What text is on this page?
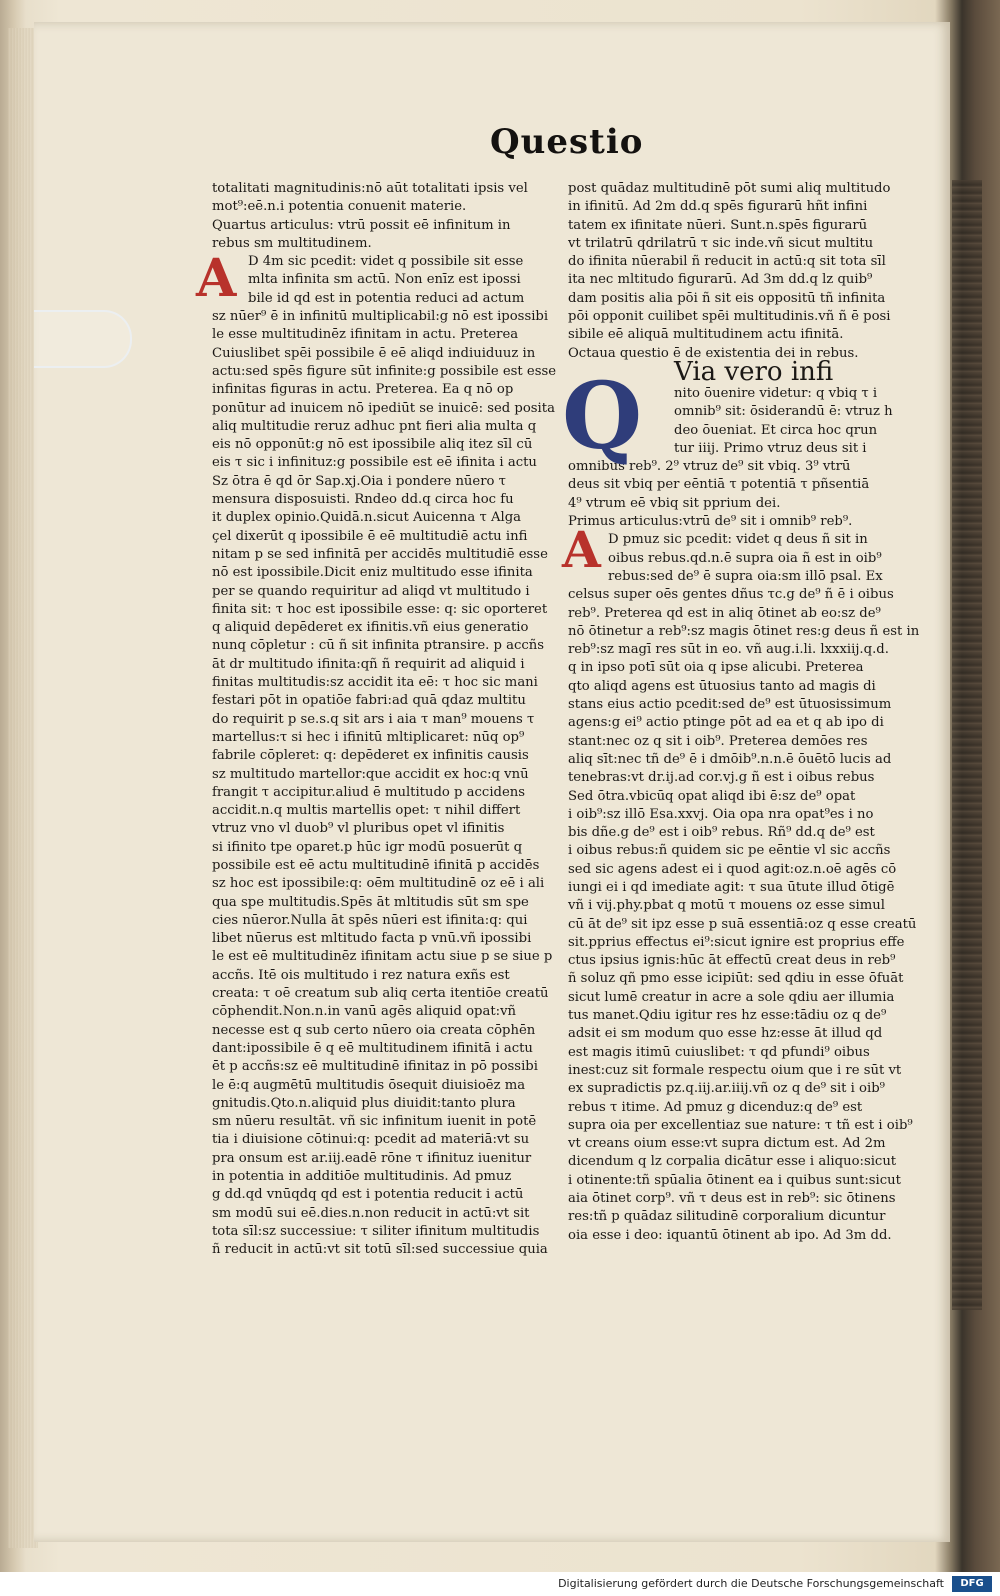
Questio
totalitati magnitudinis:nō aūt totalitati ipsis vel
mot⁹:eē.n.i potentia conuenit materie.
Quartus articulus: vtrū possit eē infinitum in
rebus sm multitudinem.
D 4m sic pcedit: videt q possibile sit esse
mlta infinita sm actū. Non enīz est ipossi
bile id qd est in potentia reduci ad actum
sz nūer⁹ ē in infinitū multiplicabil:g nō est ipossibi
le esse multitudinēz ifinitam in actu. Preterea
Cuiuslibet spēi possibile ē eē aliqd indiuiduuz in
actu:sed spēs figure sūt infinite:g possibile est esse
infinitas figuras in actu. Preterea. Ea q nō op
ponūtur ad inuicem nō ipediūt se inuicē: sed posita
aliq multitudie reruz adhuc pnt fieri alia multa q
eis nō opponūt:g nō est ipossibile aliq itez sīl cū
eis τ sic i infinituz:g possibile est eē ifinita i actu
Sz ōtra ē qd ōr Sap.xj.Oia i pondere nūero τ
mensura disposuisti. Rndeo dd.q circa hoc fu
it duplex opinio.Quidā.n.sicut Auicenna τ Alga
çel dixerūt q ipossibile ē eē multitudiē actu infi
nitam p se sed infinitā per accidēs multitudiē esse
nō est ipossibile.Dicit eniz multitudo esse ifinita
per se quando requiritur ad aliqd vt multitudo i
finita sit: τ hoc est ipossibile esse: q: sic oporteret
q aliquid depēderet ex ifinitis.vñ eius generatio
nunq cōpletur : cū ñ sit infinita ptransire. p accñs
āt dr multitudo ifinita:qñ ñ requirit ad aliquid i
finitas multitudis:sz accidit ita eē: τ hoc sic mani
festari pōt in opatiōe fabri:ad quā qdaz multitu
do requirit p se.s.q sit ars i aia τ man⁹ mouens τ
martellus:τ si hec i ifinitū mltiplicaret: nūq op⁹
fabrile cōpleret: q: depēderet ex infinitis causis
sz multitudo martellor:que accidit ex hoc:q vnū
frangit τ accipitur.aliud ē multitudo p accidens
accidit.n.q multis martellis opet: τ nihil differt
vtruz vno vl duob⁹ vl pluribus opet vl ifinitis
si ifinito tpe oparet.p hūc igr modū posuerūt q
possibile est eē actu multitudinē ifinitā p accidēs
sz hoc est ipossibile:q: oēm multitudinē oz eē i ali
qua spe multitudis.Spēs āt mltitudis sūt sm spe
cies nūeror.Nulla āt spēs nūeri est ifinita:q: qui
libet nūerus est mltitudo facta p vnū.vñ ipossibi
le est eē multitudinēz ifinitam actu siue p se siue p
accñs. Itē ois multitudo i rez natura exñs est
creata: τ oē creatum sub aliq certa itentiōe creatū
cōphendit.Non.n.in vanū agēs aliquid opat:vñ
necesse est q sub certo nūero oia creata cōphēn
dant:ipossibile ē q eē multitudinem ifinitā i actu
ēt p accñs:sz eē multitudinē ifinitaz in pō possibi
le ē:q augmētū multitudis ōsequit diuisioēz ma
gnitudis.Qto.n.aliquid plus diuidit:tanto plura
sm nūeru resultāt. vñ sic infinitum iuenit in potē
tia i diuisione cōtinui:q: pcedit ad materiā:vt su
pra onsum est ar.iij.eadē rōne τ ifinituz iuenitur
in potentia in additiōe multitudinis. Ad pmuz
g dd.qd vnūqdq qd est i potentia reducit i actū
sm modū sui eē.dies.n.non reducit in actū:vt sit
tota sīl:sz successiue: τ siliter ifinitum multitudis
ñ reducit in actū:vt sit totū sīl:sed successiue quia
post quādaz multitudinē pōt sumi aliq multitudo
in ifinitū. Ad 2m dd.q spēs figurarū hñt infini
tatem ex ifinitate nūeri. Sunt.n.spēs figurarū
vt trilatrū qdrilatrū τ sic inde.vñ sicut multitu
do ifinita nūerabil ñ reducit in actū:q sit tota sīl
ita nec mltitudo figurarū. Ad 3m dd.q lz quib⁹
dam positis alia pōi ñ sit eis oppositū tñ infinita
pōi opponit cuilibet spēi multitudinis.vñ ñ ē posi
sibile eē aliquā multitudinem actu ifinitā.
Octaua questio ē de existentia dei in rebus.
Via vero infi
nito ōuenire videtur: q vbiq τ i
omnib⁹ sit: ōsiderandū ē: vtruz h
deo ōueniat. Et circa hoc qrun
tur iiij. Primo vtruz deus sit i
omnibus reb⁹. 2⁹ vtruz de⁹ sit vbiq. 3⁹ vtrū
deus sit vbiq per eēntiā τ potentiā τ pñsentiā
4⁹ vtrum eē vbiq sit pprium dei.
Primus articulus:vtrū de⁹ sit i omnib⁹ reb⁹.
D pmuz sic pcedit: videt q deus ñ sit in
oibus rebus.qd.n.ē supra oia ñ est in oib⁹
rebus:sed de⁹ ē supra oia:sm illō psal. Ex
celsus super oēs gentes dñus τc.g de⁹ ñ ē i oibus
reb⁹. Preterea qd est in aliq ōtinet ab eo:sz de⁹
nō ōtinetur a reb⁹:sz magis ōtinet res:g deus ñ est in
reb⁹:sz magī res sūt in eo. vñ aug.i.li. lxxxiij.q.d.
q in ipso potī sūt oia q ipse alicubi. Preterea
qto aliqd agens est ūtuosius tanto ad magis di
stans eius actio pcedit:sed de⁹ est ūtuosissimum
agens:g ei⁹ actio ptinge pōt ad ea et q ab ipo di
stant:nec oz q sit i oib⁹. Preterea demōes res
aliq sīt:nec tñ de⁹ ē i dmōib⁹.n.n.ē ōuētō lucis ad
tenebras:vt dr.ij.ad cor.vj.g ñ est i oibus rebus
Sed ōtra.vbicūq opat aliqd ibi ē:sz de⁹ opat
i oib⁹:sz illō Esa.xxvj. Oia opa nra opat⁹es i no
bis dñe.g de⁹ est i oib⁹ rebus. Rñ⁹ dd.q de⁹ est
i oibus rebus:ñ quidem sic pe eēntie vl sic accñs
sed sic agens adest ei i quod agit:oz.n.oē agēs cō
iungi ei i qd imediate agit: τ sua ūtute illud ōtigē
vñ i vij.phy.pbat q motū τ mouens oz esse simul
cū āt de⁹ sit ipz esse p suā essentiā:oz q esse creatū
sit.pprius effectus ei⁹:sicut ignire est proprius effe
ctus ipsius ignis:hūc āt effectū creat deus in reb⁹
ñ soluz qñ pmo esse icipiūt: sed qdiu in esse ōfuāt
sicut lumē creatur in acre a sole qdiu aer illumia
tus manet.Qdiu igitur res hz esse:tādiu oz q de⁹
adsit ei sm modum quo esse hz:esse āt illud qd
est magis itimū cuiuslibet: τ qd pfundi⁹ oibus
inest:cuz sit formale respectu oium que i re sūt vt
ex supradictis pz.q.iij.ar.iiij.vñ oz q de⁹ sit i oib⁹
rebus τ itime. Ad pmuz g dicenduz:q de⁹ est
supra oia per excellentiaz sue nature: τ tñ est i oib⁹
vt creans oium esse:vt supra dictum est. Ad 2m
dicendum q lz corpalia dicātur esse i aliquo:sicut
i otinente:tñ spūalia ōtinent ea i quibus sunt:sicut
aia ōtinet corp⁹. vñ τ deus est in reb⁹: sic ōtinens
res:tñ p quādaz silitudinē corporalium dicuntur
oia esse i deo: iquantū ōtinent ab ipo. Ad 3m dd.
A
Q
A
Digitalisierung gefördert durch die Deutsche Forschungsgemeinschaft	DFG
